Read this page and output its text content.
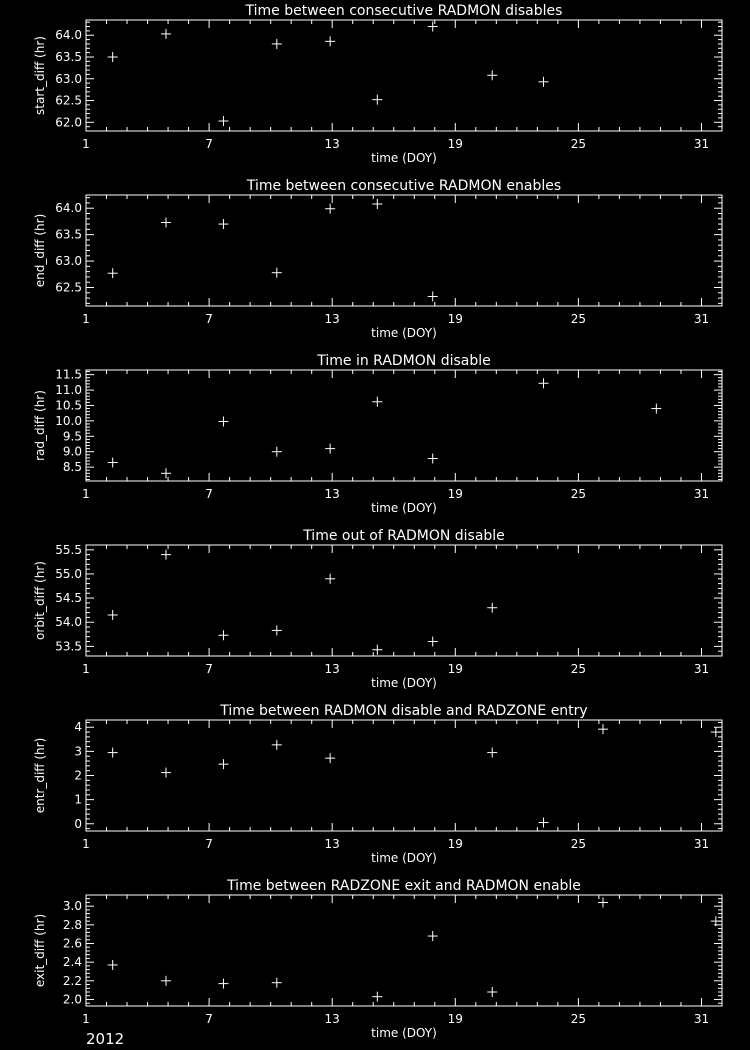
Time between consecutive RADMON disables
1	7	13	19	25	31
62.0
62.5
63.0
63.5
64.0
time (DOY)
start_diff (hr)
Time between consecutive RADMON enables
1	7	13	19	25	31
62.5
63.0
63.5
64.0
time (DOY)
end_diff (hr)
Time in RADMON disable
1	7	13	19	25	31
8.5
9.0
9.5
10.0
10.5
11.0
11.5
time (DOY)
rad_diff (hr)
Time out of RADMON disable
1	7	13	19	25	31
53.5
54.0
54.5
55.0
55.5
time (DOY)
orbit_diff (hr)
Time between RADMON disable and RADZONE entry
1	7	13	19	25	31
0
1
2
3
4
time (DOY)
entr_diff (hr)
Time between RADZONE exit and RADMON enable
1	7	13	19	25	31
2.0
2.2
2.4
2.6
2.8
3.0
time (DOY)
exit_diff (hr)
2012
